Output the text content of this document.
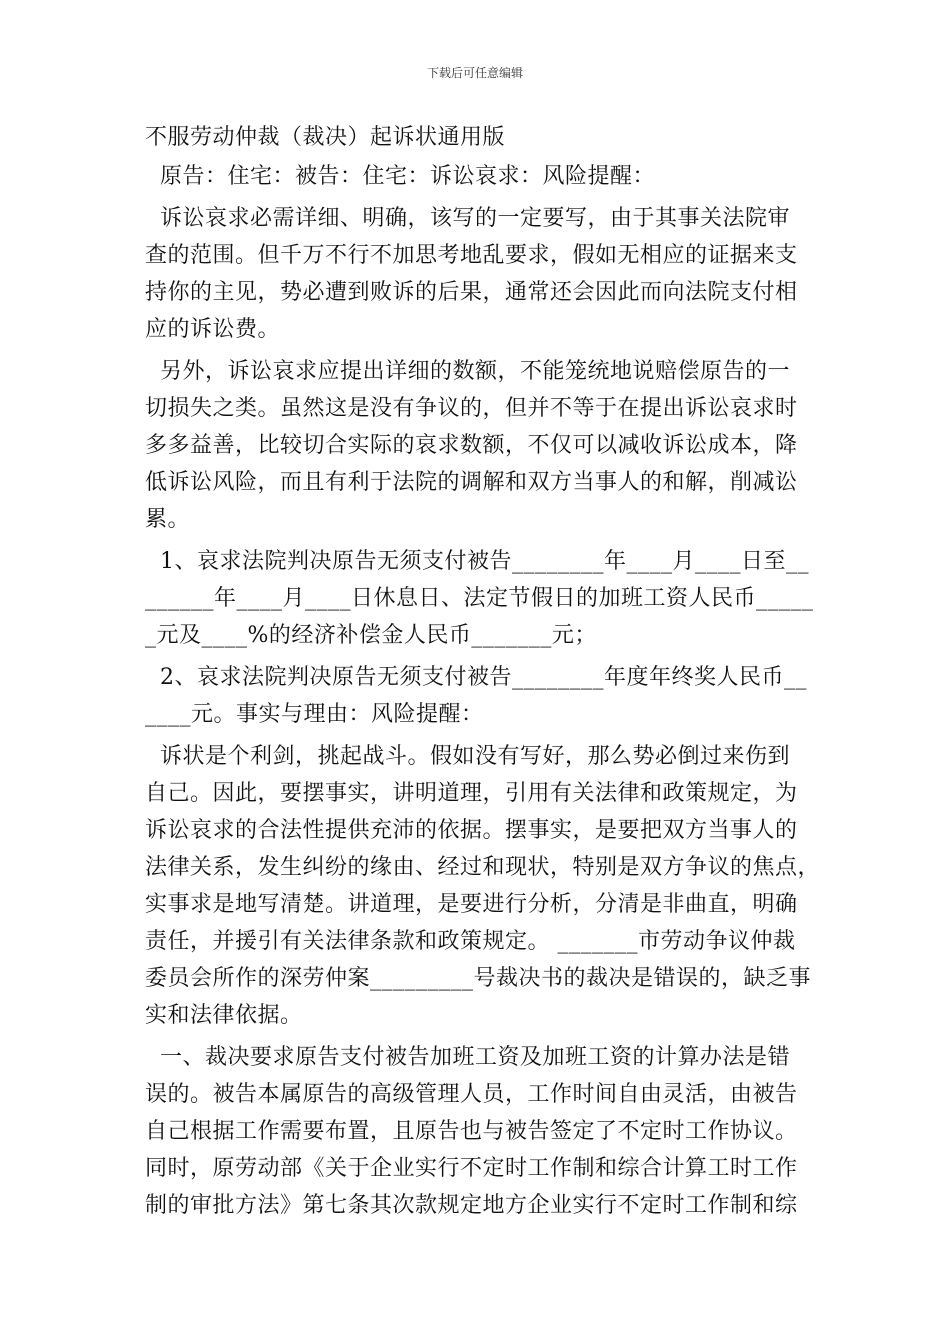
下载后可任意编辑
不服劳动仲裁（裁决）起诉状通用版
原告：住宅：被告：住宅：诉讼哀求：风险提醒：
诉讼哀求必需详细、明确，该写的一定要写，由于其事关法院审
查的范围。但千万不行不加思考地乱要求，假如无相应的证据来支
持你的主见，势必遭到败诉的后果，通常还会因此而向法院支付相
应的诉讼费。
另外，诉讼哀求应提出详细的数额，不能笼统地说赔偿原告的一
切损失之类。虽然这是没有争议的，但并不等于在提出诉讼哀求时
多多益善，比较切合实际的哀求数额，不仅可以减收诉讼成本，降
低诉讼风险，而且有利于法院的调解和双方当事人的和解，削减讼
累。
1、哀求法院判决原告无须支付被告________年____月____日至__
______年____月____日休息日、法定节假日的加班工资人民币_____
_元及____%的经济补偿金人民币_______元；
2、哀求法院判决原告无须支付被告________年度年终奖人民币__
____元。事实与理由：风险提醒：
诉状是个利剑，挑起战斗。假如没有写好，那么势必倒过来伤到
自己。因此，要摆事实，讲明道理，引用有关法律和政策规定，为
诉讼哀求的合法性提供充沛的依据。摆事实，是要把双方当事人的
法律关系，发生纠纷的缘由、经过和现状，特别是双方争议的焦点，
实事求是地写清楚。讲道理，是要进行分析，分清是非曲直，明确
责任，并援引有关法律条款和政策规定。 _______市劳动争议仲裁
委员会所作的深劳仲案_________号裁决书的裁决是错误的，缺乏事
实和法律依据。
一、裁决要求原告支付被告加班工资及加班工资的计算办法是错
误的。被告本属原告的高级管理人员，工作时间自由灵活，由被告
自己根据工作需要布置，且原告也与被告签定了不定时工作协议。
同时，原劳动部《关于企业实行不定时工作制和综合计算工时工作
制的审批方法》第七条其次款规定地方企业实行不定时工作制和综
